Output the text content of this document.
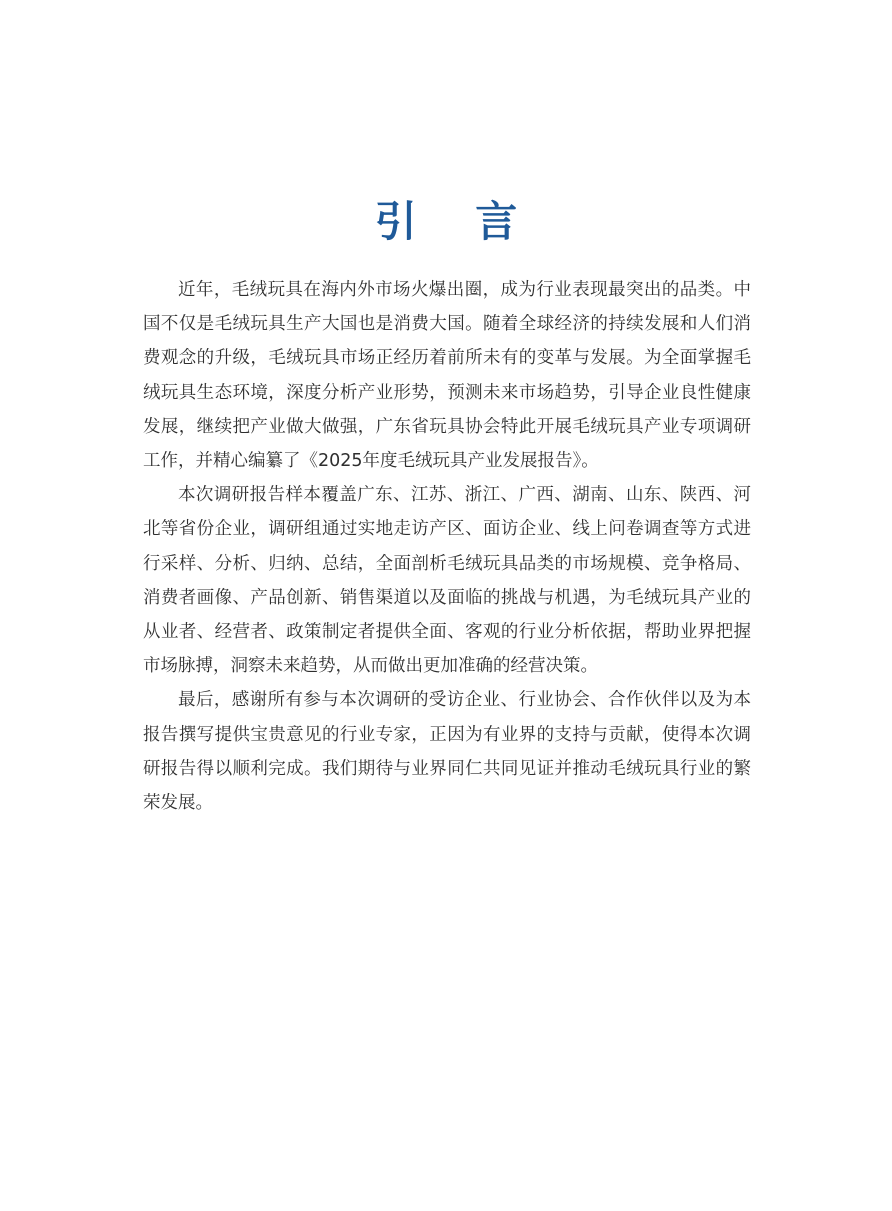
引 言

近年，毛绒玩具在海内外市场火爆出圈，成为行业表现最突出的品类。中国不仅是毛绒玩具生产大国也是消费大国。随着全球经济的持续发展和人们消费观念的升级，毛绒玩具市场正经历着前所未有的变革与发展。为全面掌握毛绒玩具生态环境，深度分析产业形势，预测未来市场趋势，引导企业良性健康发展，继续把产业做大做强，广东省玩具协会特此开展毛绒玩具产业专项调研工作，并精心编纂了《2025年度毛绒玩具产业发展报告》。

本次调研报告样本覆盖广东、江苏、浙江、广西、湖南、山东、陕西、河北等省份企业，调研组通过实地走访产区、面访企业、线上问卷调查等方式进行采样、分析、归纳、总结，全面剖析毛绒玩具品类的市场规模、竞争格局、消费者画像、产品创新、销售渠道以及面临的挑战与机遇，为毛绒玩具产业的从业者、经营者、政策制定者提供全面、客观的行业分析依据，帮助业界把握市场脉搏，洞察未来趋势，从而做出更加准确的经营决策。

最后，感谢所有参与本次调研的受访企业、行业协会、合作伙伴以及为本报告撰写提供宝贵意见的行业专家，正因为有业界的支持与贡献，使得本次调研报告得以顺利完成。我们期待与业界同仁共同见证并推动毛绒玩具行业的繁荣发展。
